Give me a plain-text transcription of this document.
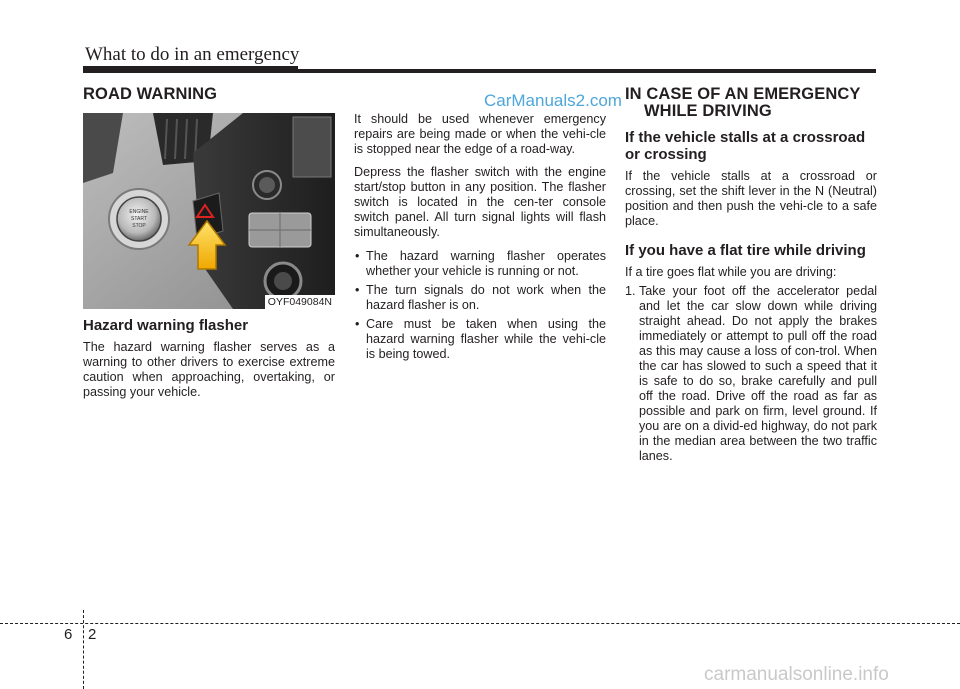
What to do in an emergency
CarManuals2.com
ROAD WARNING
ENGINE
START
STOP
OYF049084N
Hazard warning flasher

The hazard warning flasher serves as a warning to other drivers to exercise extreme caution when approaching, overtaking, or passing your vehicle.

It should be used whenever emergency repairs are being made or when the vehi-cle is stopped near the edge of a road-way.

Depress the flasher switch with the engine start/stop button in any position. The flasher switch is located in the cen-ter console switch panel. All turn signal lights will flash simultaneously.

• The hazard warning flasher operates whether your vehicle is running or not.
• The turn signals do not work when the hazard flasher is on.
• Care must be taken when using the hazard warning flasher while the vehi-cle is being towed.
IN CASE OF AN EMERGENCY
WHILE DRIVING
If the vehicle stalls at a crossroad or crossing

If the vehicle stalls at a crossroad or crossing, set the shift lever in the N (Neutral) position and then push the vehi-cle to a safe place.

If you have a flat tire while driving

If a tire goes flat while you are driving:

1. Take your foot off the accelerator pedal and let the car slow down while driving straight ahead. Do not apply the brakes immediately or attempt to pull off the road as this may cause a loss of con-trol. When the car has slowed to such a speed that it is safe to do so, brake carefully and pull off the road. Drive off the road as far as possible and park on firm, level ground. If you are on a divid-ed highway, do not park in the median area between the two traffic lanes.
6 2
carmanualsonline.info
